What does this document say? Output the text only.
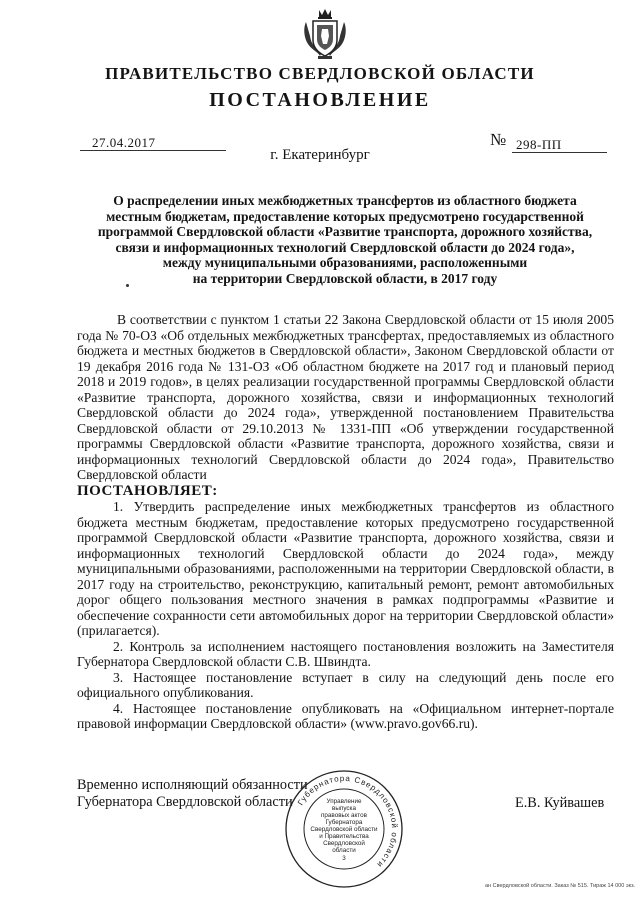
ПРАВИТЕЛЬСТВО СВЕРДЛОВСКОЙ ОБЛАСТИ
ПОСТАНОВЛЕНИЕ
27.04.2017	№ 298-ПП
г. Екатеринбург
О распределении иных межбюджетных трансфертов из областного бюджета
местным бюджетам, предоставление которых предусмотрено государственной
программой Свердловской области «Развитие транспорта, дорожного хозяйства,
связи и информационных технологий Свердловской области до 2024 года»,
между муниципальными образованиями, расположенными
на территории Свердловской области, в 2017 году

В соответствии с пунктом 1 статьи 22 Закона Свердловской области от 15 июля 2005 года № 70-ОЗ «Об отдельных межбюджетных трансфертах, предоставляемых из областного бюджета и местных бюджетов в Свердловской области», Законом Свердловской области от 19 декабря 2016 года № 131-ОЗ «Об областном бюджете на 2017 год и плановый период 2018 и 2019 годов», в целях реализации государственной программы Свердловской области «Развитие транспорта, дорожного хозяйства, связи и информационных технологий Свердловской области до 2024 года», утвержденной постановлением Правительства Свердловской области от 29.10.2013 № 1331-ПП «Об утверждении государственной программы Свердловской области «Развитие транспорта, дорожного хозяйства, связи и информационных технологий Свердловской области до 2024 года», Правительство Свердловской области

ПОСТАНОВЛЯЕТ:

1. Утвердить распределение иных межбюджетных трансфертов из областного бюджета местным бюджетам, предоставление которых предусмотрено государственной программой Свердловской области «Развитие транспорта, дорожного хозяйства, связи и информационных технологий Свердловской области до 2024 года», между муниципальными образованиями, расположенными на территории Свердловской области, в 2017 году на строительство, реконструкцию, капитальный ремонт, ремонт автомобильных дорог общего пользования местного значения в рамках подпрограммы «Развитие и обеспечение сохранности сети автомобильных дорог на территории Свердловской области» (прилагается).

2. Контроль за исполнением настоящего постановления возложить на Заместителя Губернатора Свердловской области С.В. Швиндта.

3. Настоящее постановление вступает в силу на следующий день после его официального опубликования.

4. Настоящее постановление опубликовать на «Официальном интернет-портале правовой информации Свердловской области» (www.pravo.gov66.ru).

Временно исполняющий обязанности
Губернатора Свердловской области	Е.В. Куйвашев
Губернатора Свердловской области
Управление
выпуска
правовых актов
Губернатора
Свердловской области
и Правительства
Свердловской
области
3
ан Свердловской области. Заказ № 515. Тираж 14 000 экз.
